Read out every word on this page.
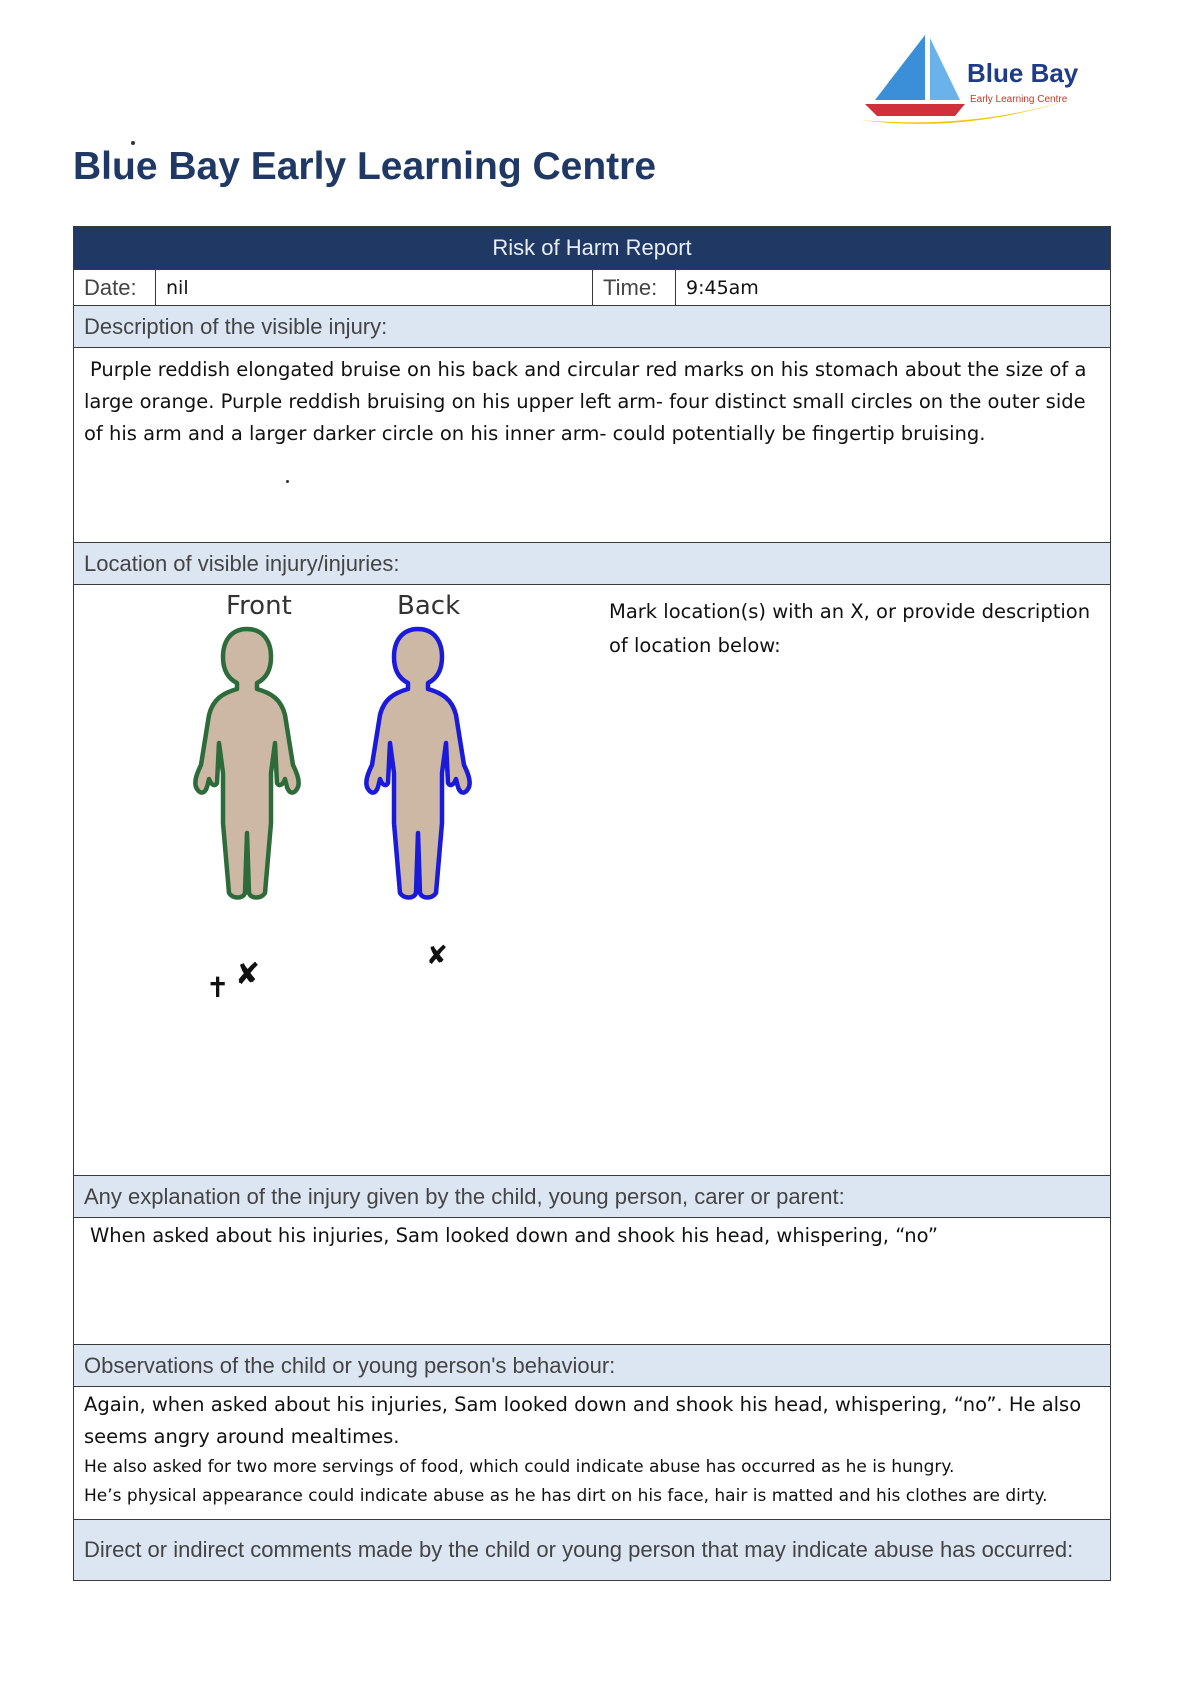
Blue Bay
Early Learning Centre
Blue Bay Early Learning Centre
Risk of Harm Report
Date:	nil	Time:	9:45am
Description of the visible injury:

Purple reddish elongated bruise on his back and circular red marks on his stomach about the size of a large orange. Purple reddish bruising on his upper left arm- four distinct small circles on the outer side of his arm and a larger darker circle on his inner arm- could potentially be fingertip bruising.

Location of visible injury/injuries:

Front	Back
✝ ✘
✘
Mark location(s) with an X, or provide description of location below:

Any explanation of the injury given by the child, young person, carer or parent:

When asked about his injuries, Sam looked down and shook his head, whispering, “no”

Observations of the child or young person's behaviour:

Again, when asked about his injuries, Sam looked down and shook his head, whispering, “no”. He also seems angry around mealtimes.
He also asked for two more servings of food, which could indicate abuse has occurred as he is hungry.
He’s physical appearance could indicate abuse as he has dirt on his face, hair is matted and his clothes are dirty.

Direct or indirect comments made by the child or young person that may indicate abuse has occurred:
